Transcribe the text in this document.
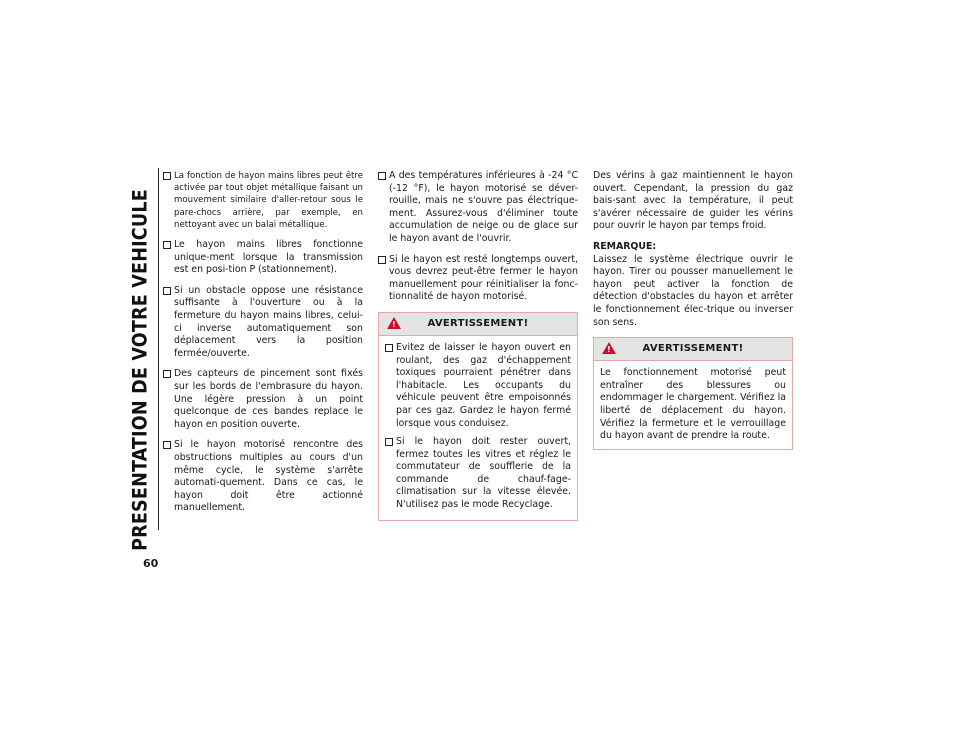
PRESENTATION DE VOTRE VEHICULE
60
La fonction de hayon mains libres peut être activée par tout objet métallique faisant un mouvement similaire d'aller-retour sous le pare-chocs arrière, par exemple, en nettoyant avec un balai métallique.
Le hayon mains libres fonctionne unique-ment lorsque la transmission est en posi-tion P (stationnement).
Si un obstacle oppose une résistance suffisante à l'ouverture ou à la fermeture du hayon mains libres, celui-ci inverse automatiquement son déplacement vers la position fermée/ouverte.
Des capteurs de pincement sont fixés sur les bords de l'embrasure du hayon. Une légère pression à un point quelconque de ces bandes replace le hayon en position ouverte.
Si le hayon motorisé rencontre des obstructions multiples au cours d'un même cycle, le système s'arrête automati-quement. Dans ce cas, le hayon doit être actionné manuellement.
A des températures inférieures à -24 °C (-12 °F), le hayon motorisé se déver-rouille, mais ne s'ouvre pas électrique-ment. Assurez-vous d'éliminer toute accumulation de neige ou de glace sur le hayon avant de l'ouvrir.
Si le hayon est resté longtemps ouvert, vous devrez peut-être fermer le hayon manuellement pour réinitialiser la fonc-tionnalité de hayon motorisé.
!
AVERTISSEMENT!
Evitez de laisser le hayon ouvert en roulant, des gaz d'échappement toxiques pourraient pénétrer dans l'habitacle. Les occupants du véhicule peuvent être empoisonnés par ces gaz. Gardez le hayon fermé lorsque vous conduisez.
Si le hayon doit rester ouvert, fermez toutes les vitres et réglez le commutateur de soufflerie de la commande de chauf-fage-climatisation sur la vitesse élevée. N'utilisez pas le mode Recyclage.

Des vérins à gaz maintiennent le hayon ouvert. Cependant, la pression du gaz bais-sant avec la température, il peut s'avérer nécessaire de guider les vérins pour ouvrir le hayon par temps froid.

REMARQUE:

Laissez le système électrique ouvrir le hayon. Tirer ou pousser manuellement le hayon peut activer la fonction de détection d'obstacles du hayon et arrêter le fonctionnement élec-trique ou inverser son sens.

!
AVERTISSEMENT!

Le fonctionnement motorisé peut entraîner des blessures ou endommager le chargement. Vérifiez la liberté de déplacement du hayon. Vérifiez la fermeture et le verrouillage du hayon avant de prendre la route.
